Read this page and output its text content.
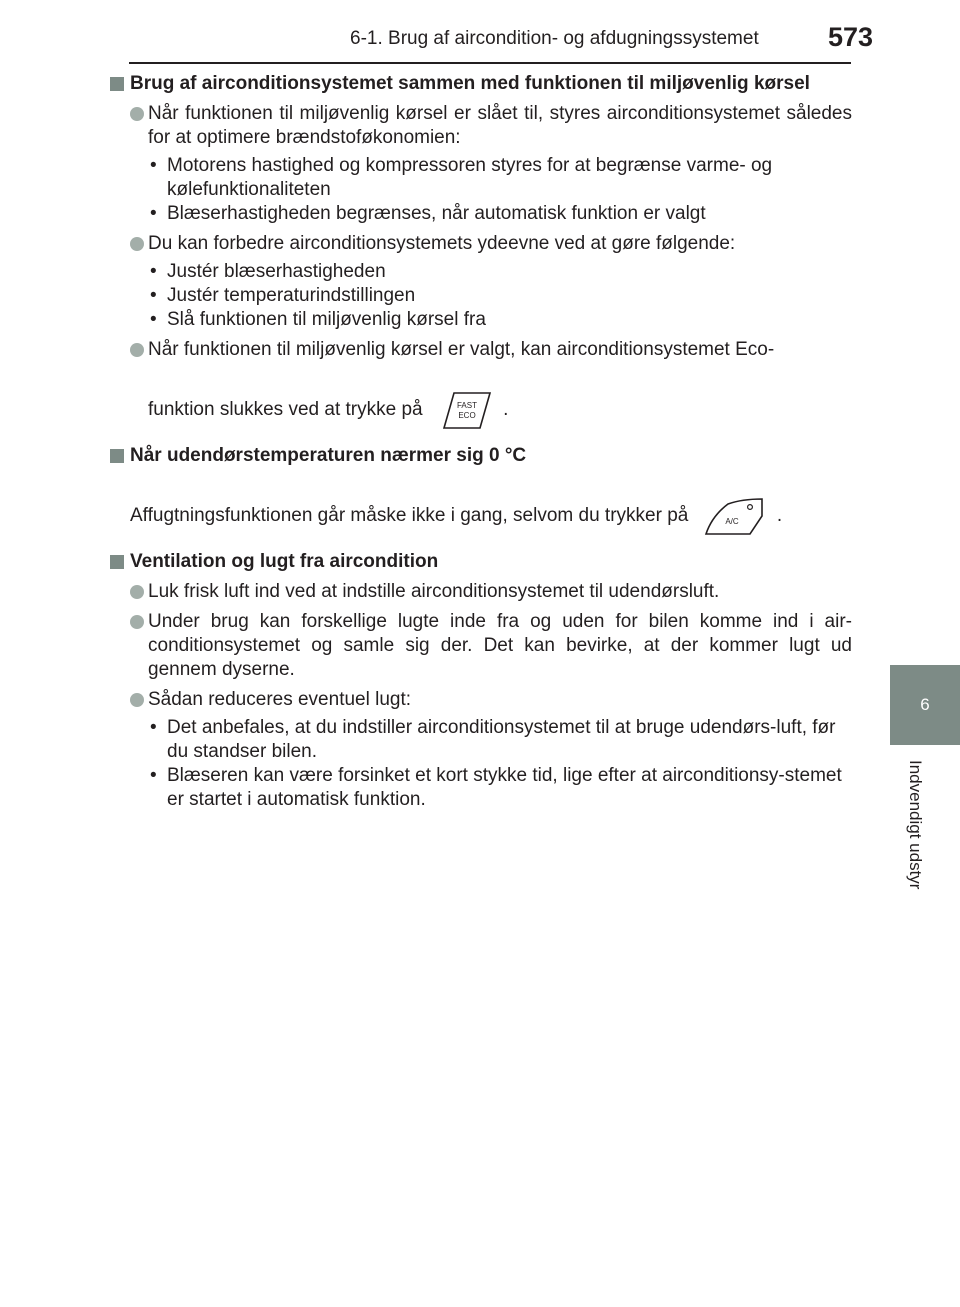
6-1. Brug af aircondition- og afdugningssystemet	573
6
Indvendigt udstyr
Brug af airconditionsystemet sammen med funktionen til miljøvenlig kørsel
Når funktionen til miljøvenlig kørsel er slået til, styres airconditionsystemet således for at optimere brændstoføkonomien:
• Motorens hastighed og kompressoren styres for at begrænse varme- og kølefunktionaliteten
• Blæserhastigheden begrænses, når automatisk funktion er valgt
Du kan forbedre airconditionsystemets ydeevne ved at gøre følgende:
• Justér blæserhastigheden
• Justér temperaturindstillingen
• Slå funktionen til miljøvenlig kørsel fra
Når funktionen til miljøvenlig kørsel er valgt, kan airconditionsystemet Eco-
funktion slukkes ved at trykke på	FAST
ECO .
Når udendørstemperaturen nærmer sig 0 °C
Affugtningsfunktionen går måske ikke i gang, selvom du trykker på	A/C .
Ventilation og lugt fra aircondition
Luk frisk luft ind ved at indstille airconditionsystemet til udendørsluft.
Under brug kan forskellige lugte inde fra og uden for bilen komme ind i air-conditionsystemet og samle sig der. Det kan bevirke, at der kommer lugt ud gennem dyserne.
Sådan reduceres eventuel lugt:
• Det anbefales, at du indstiller airconditionsystemet til at bruge udendørs-luft, før du standser bilen.
• Blæseren kan være forsinket et kort stykke tid, lige efter at airconditionsy-stemet er startet i automatisk funktion.
